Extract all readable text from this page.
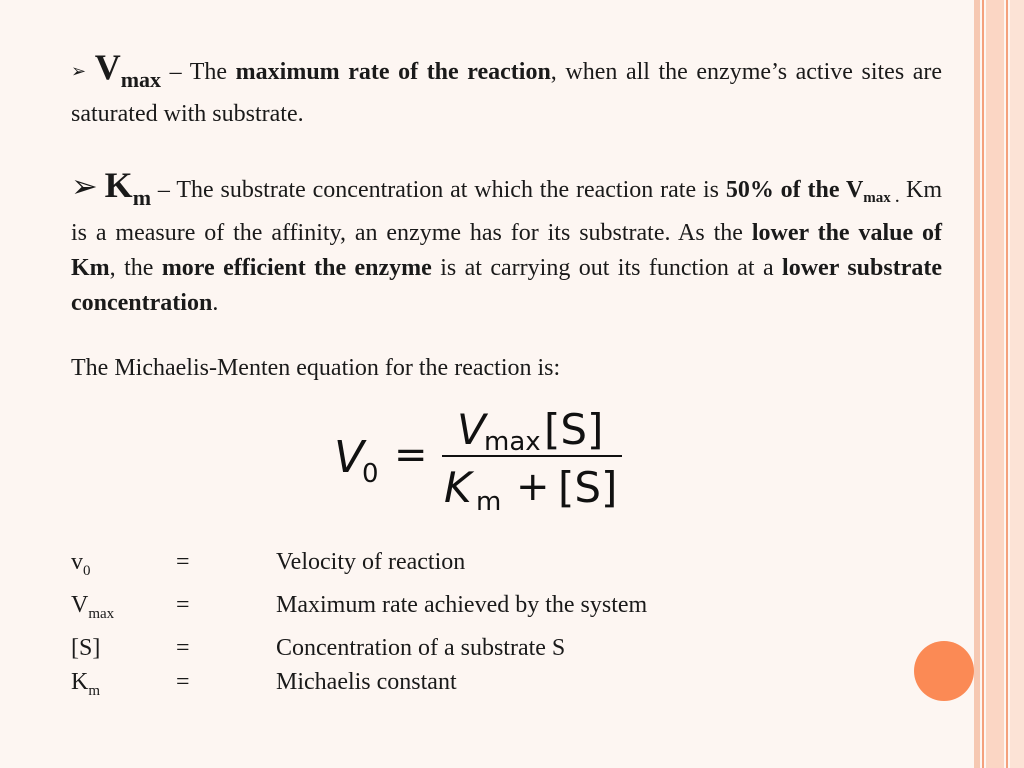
➢ $V_{max}$ – The maximum rate of the reaction, when all the enzyme’s active sites are saturated with substrate.

➢ $K_m$ – The substrate concentration at which the reaction rate is 50% of the $V_{max .}$ Km is a measure of the affinity, an enzyme has for its substrate. As the lower the value of Km, the more efficient the enzyme is at carrying out its function at a lower substrate concentration.

The Michaelis-Menten equation for the reaction is:

V
0 =
V
max [S]
K m + [S]
$v_0$	=	Velocity of reaction
$V_{max}$	=	Maximum rate achieved by the system
[S]	=	Concentration of a substrate S
$K_m$	=	Michaelis constant
